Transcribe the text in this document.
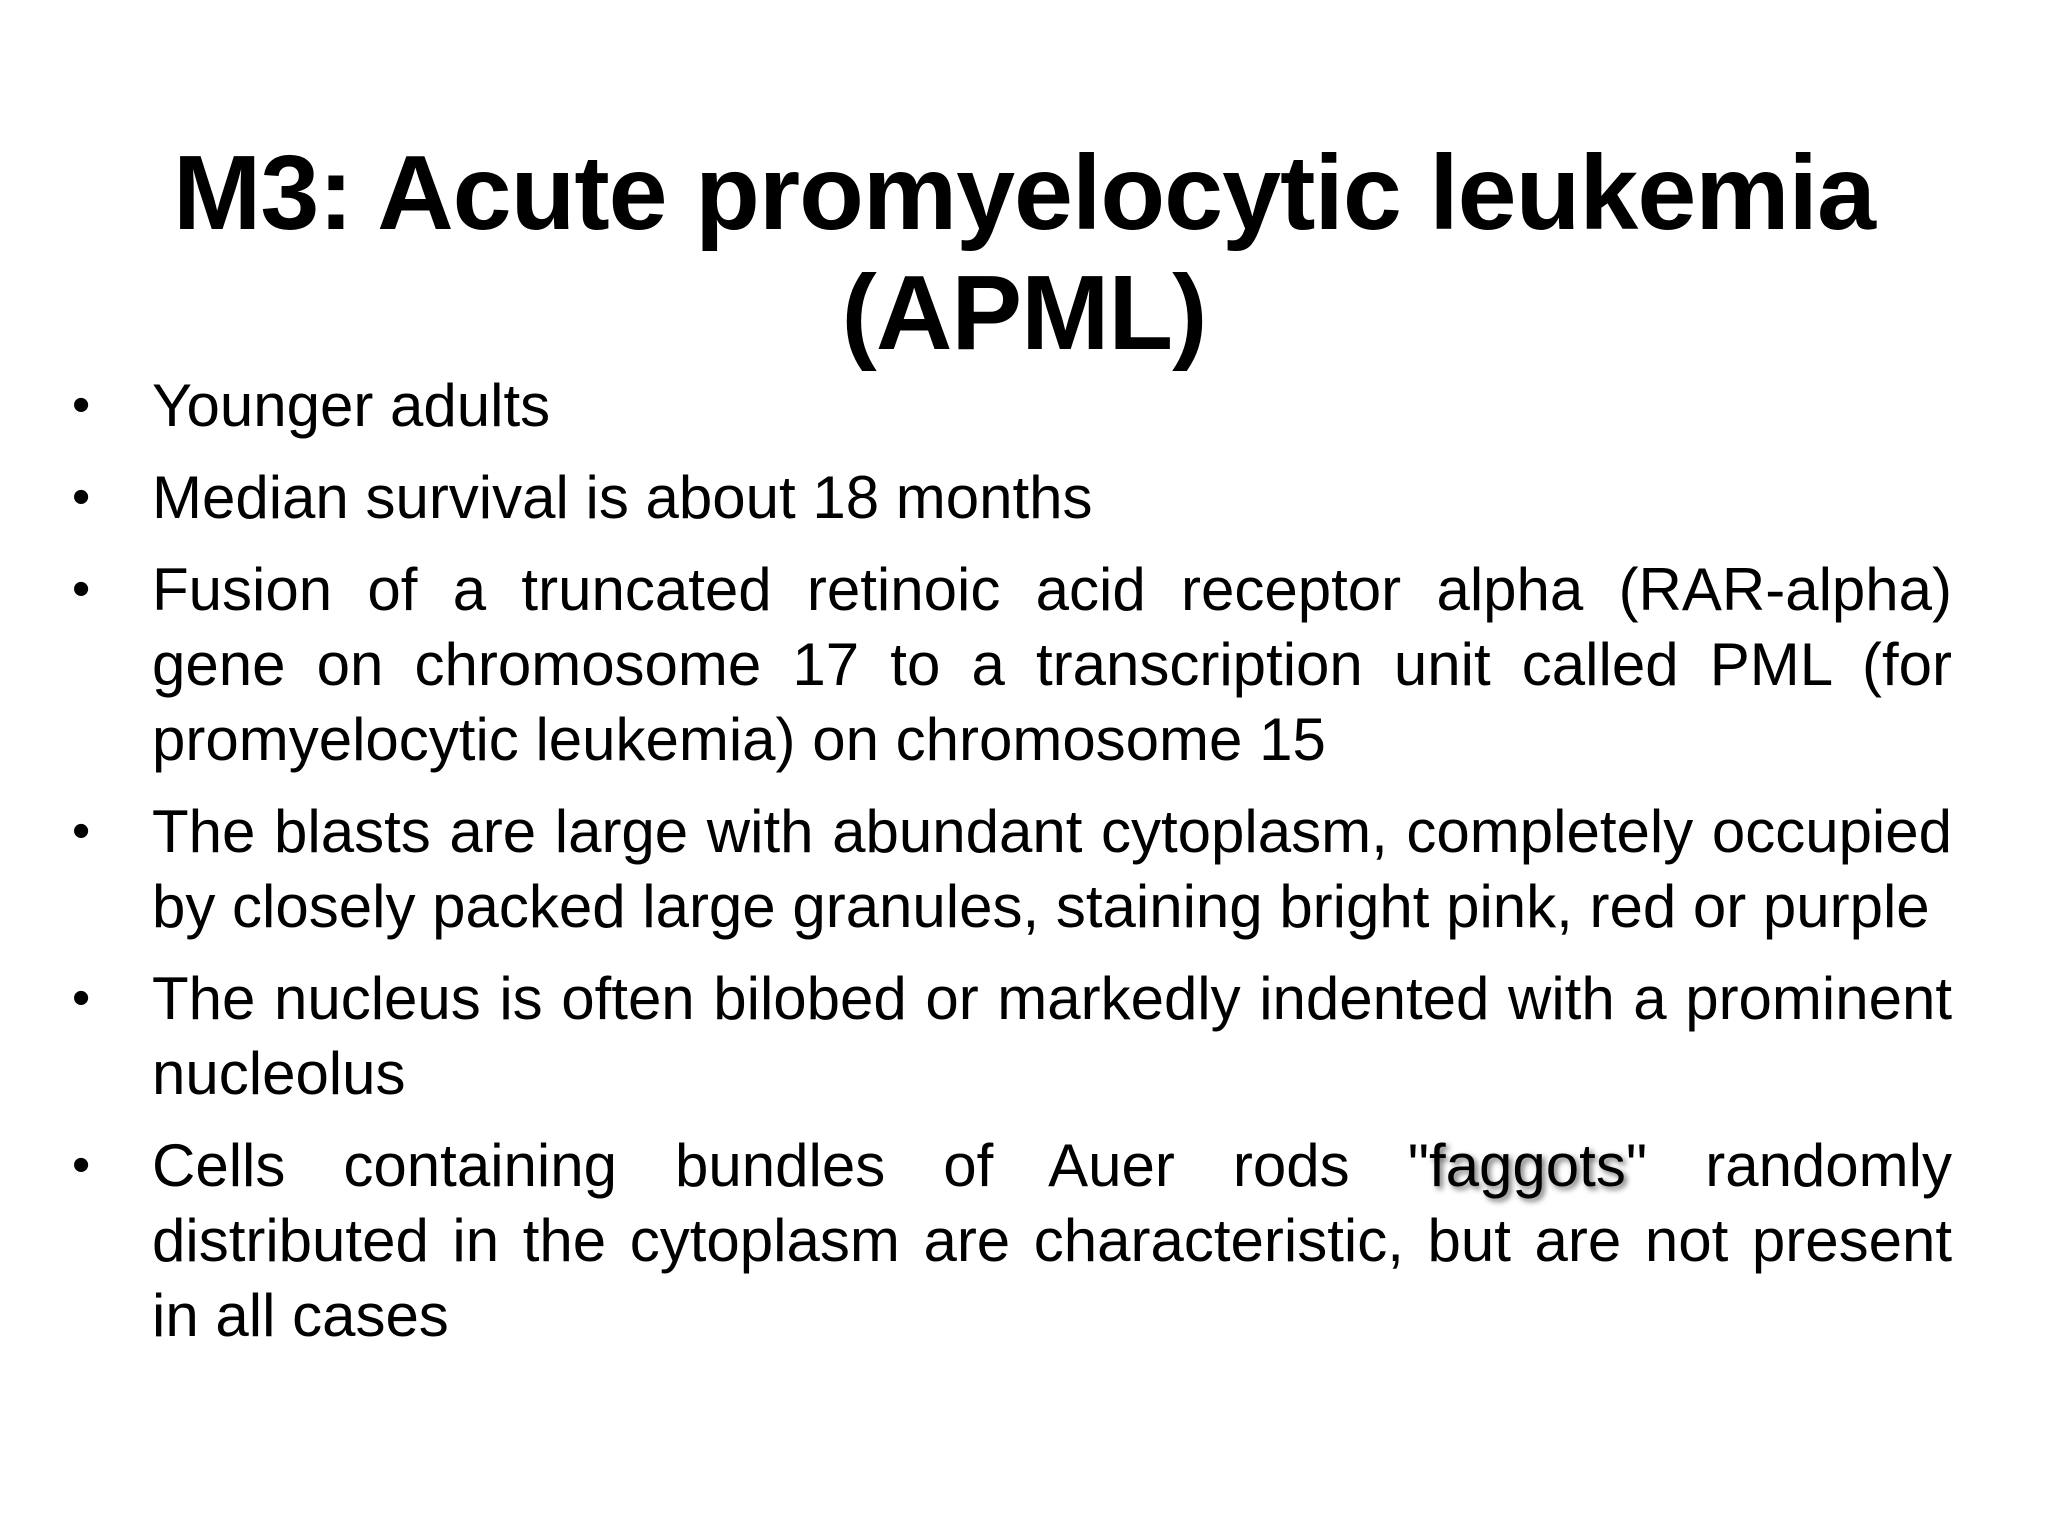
M3: Acute promyelocytic leukemia
(APML)
• Younger adults
• Median survival is about 18 months
• Fusion of a truncated retinoic acid receptor alpha (RAR-alpha) gene on chromosome 17 to a transcription unit called PML (for promyelocytic leukemia) on chromosome 15
• The blasts are large with abundant cytoplasm, completely occupied by closely packed large granules, staining bright pink, red or purple
• The nucleus is often bilobed or markedly indented with a prominent nucleolus
• Cells containing bundles of Auer rods "faggots" randomly distributed in the cytoplasm are characteristic, but are not present in all cases
